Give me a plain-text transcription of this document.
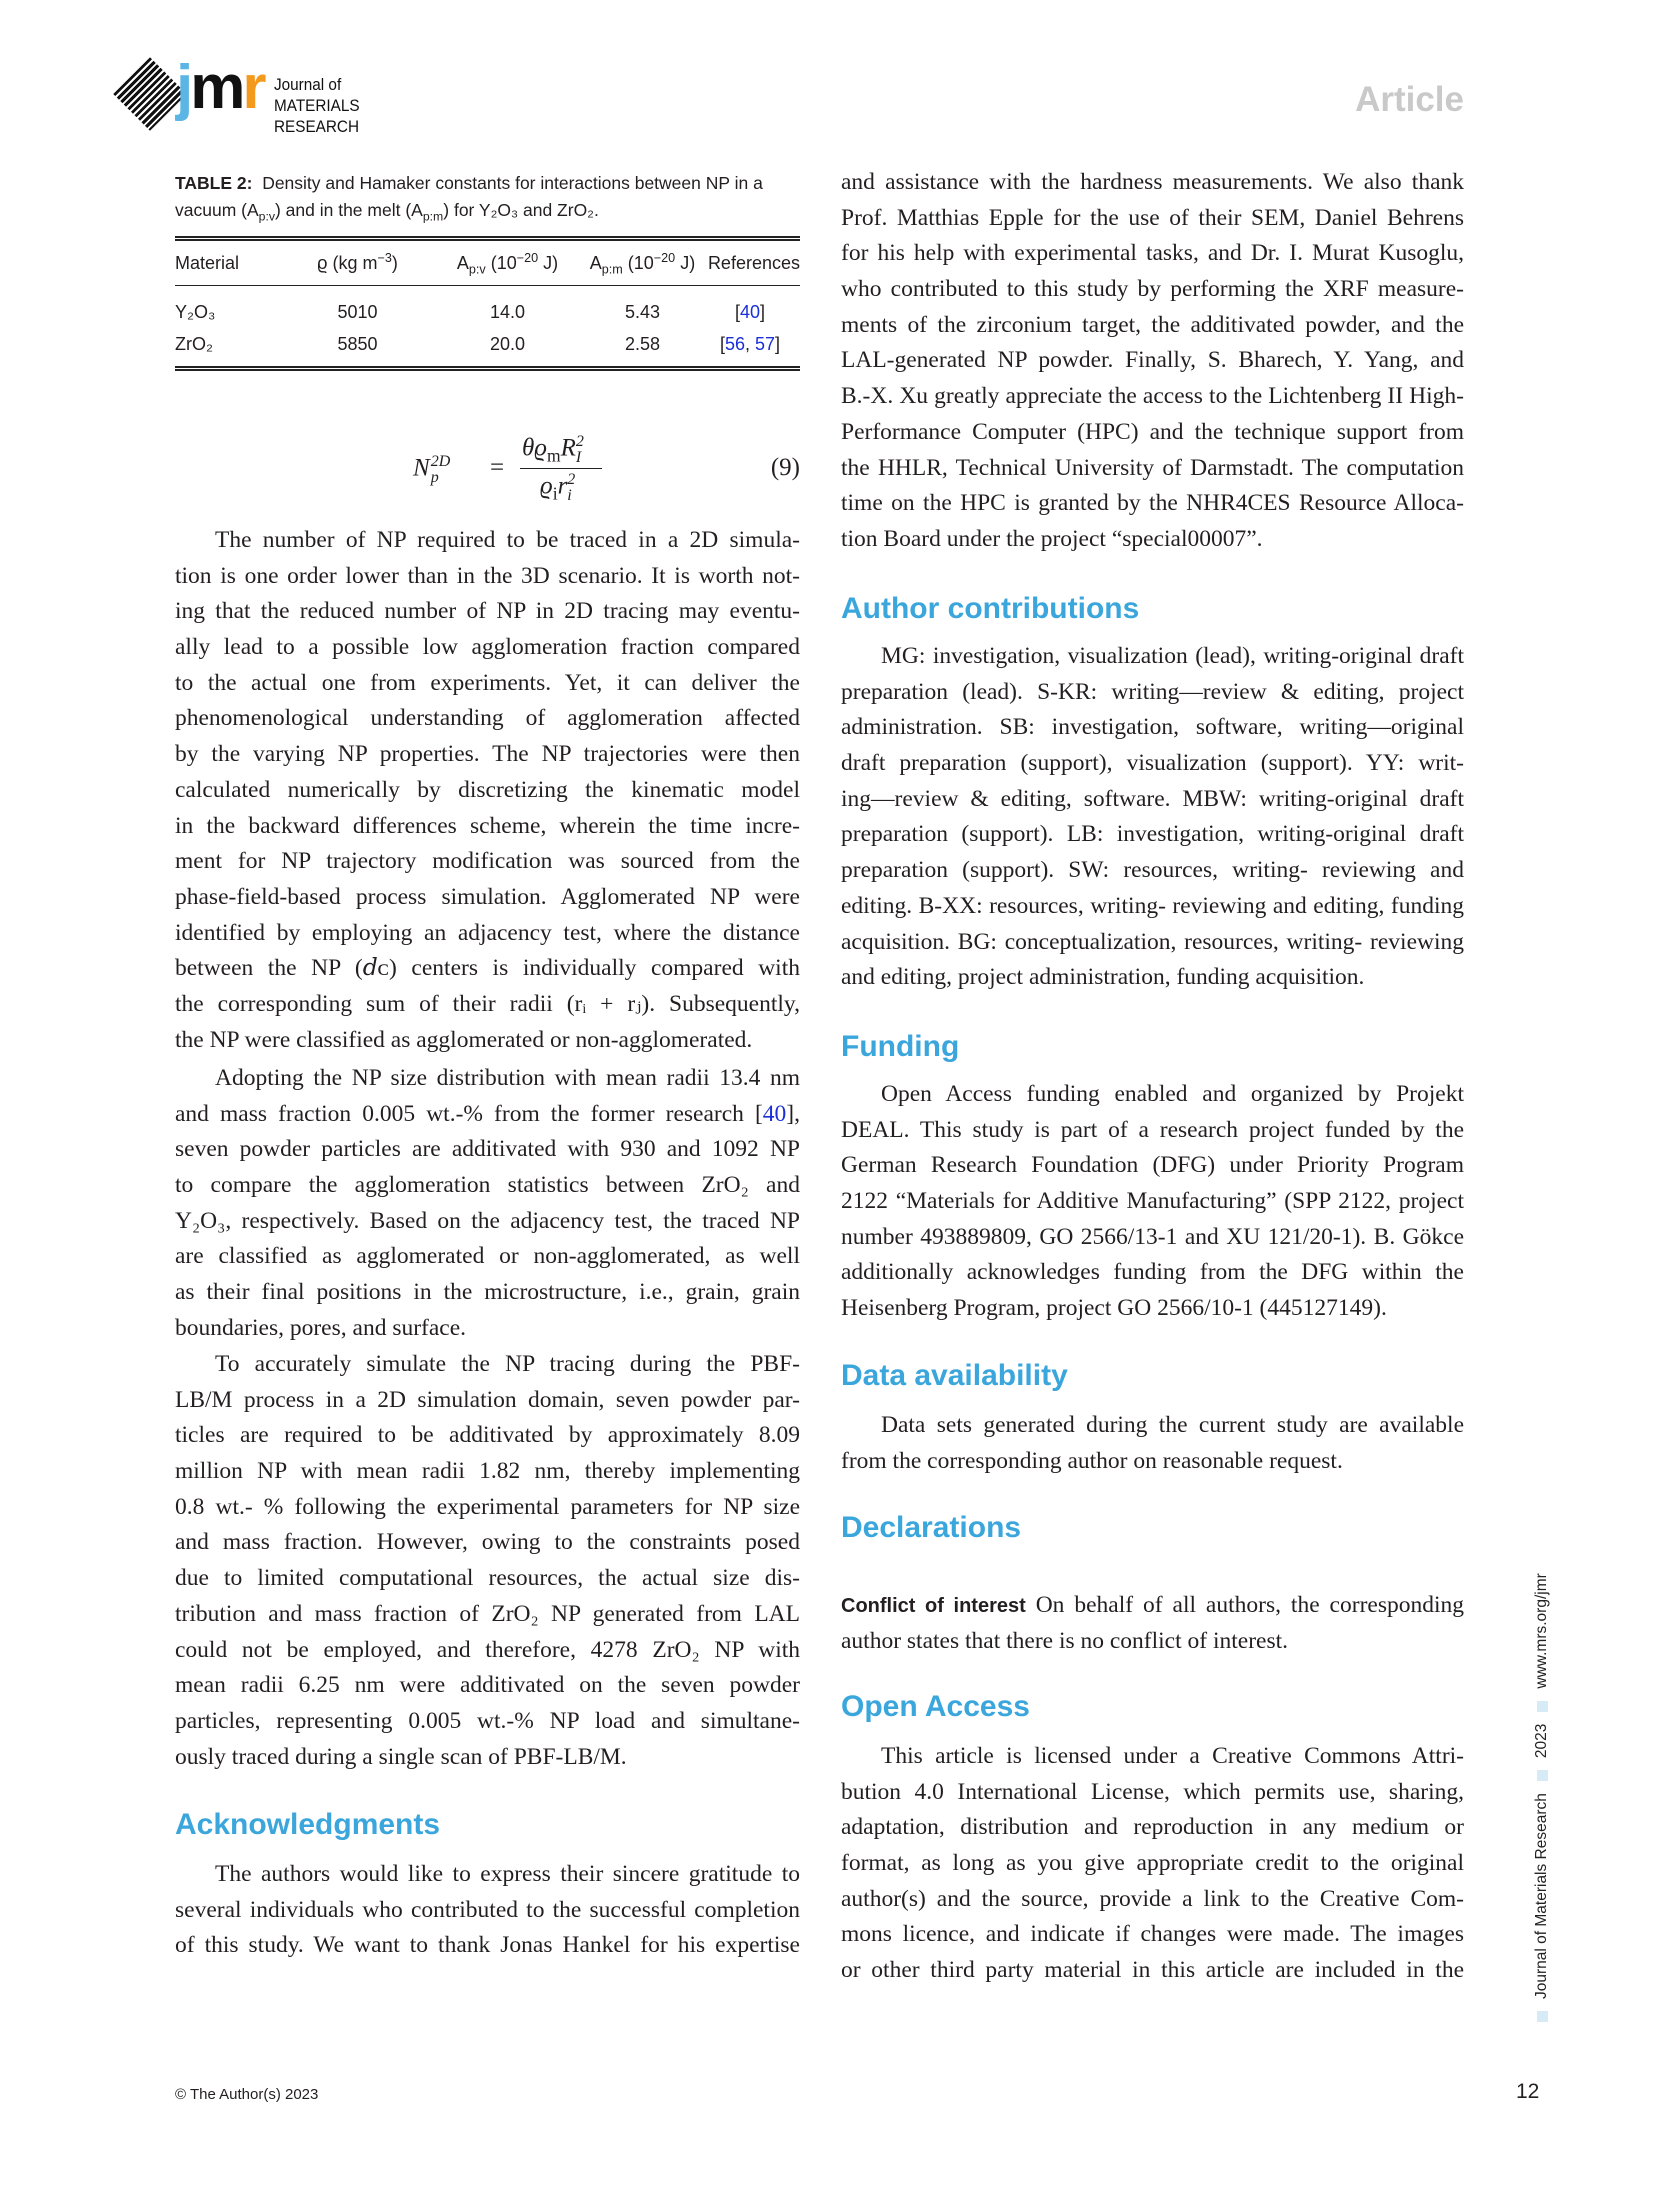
jmr Journal of
MATERIALS RESEARCH
Article
TABLE 2: Density and Hamaker constants for interactions between NP in a vacuum $(A_{p:v})$ and in the melt $(A_{p:m})$ for Y₂O₃ and ZrO₂.
Material	ϱ (kg $m^{-3}$)	$A_{p:v}$ ($10^{-20}$ J)	$A_{p:m}$ ($10^{-20}$ J)	References
Y₂O₃	5010	14.0	5.43	[40]
ZrO₂	5850	20.0	2.58	[56, 57]
N 2D
p	=
$\theta ϱ_mR$ 2
I
$ϱ_ir$ 2
i
(9)
The number of NP required to be traced in a 2D simula-
tion is one order lower than in the 3D scenario. It is worth not-
ing that the reduced number of NP in 2D tracing may eventu-
ally lead to a possible low agglomeration fraction compared
to the actual one from experiments. Yet, it can deliver the
phenomenological understanding of agglomeration affected
by the varying NP properties. The NP trajectories were then
calculated numerically by discretizing the kinematic model
in the backward differences scheme, wherein the time incre-
ment for NP trajectory modification was sourced from the
phase-field-based process simulation. Agglomerated NP were
identified by employing an adjacency test, where the distance
between the NP (𝑑ᴄ) centers is individually compared with
the corresponding sum of their radii (rᵢ + rⱼ). Subsequently,
the NP were classified as agglomerated or non-agglomerated.
Adopting the NP size distribution with mean radii 13.4 nm
and mass fraction 0.005 wt.-% from the former research [40],
seven powder particles are additivated with 930 and 1092 NP
to compare the agglomeration statistics between ZrO₂ and
Y₂O₃, respectively. Based on the adjacency test, the traced NP
are classified as agglomerated or non-agglomerated, as well
as their final positions in the microstructure, i.e., grain, grain
boundaries, pores, and surface.
To accurately simulate the NP tracing during the PBF-
LB/M process in a 2D simulation domain, seven powder par-
ticles are required to be additivated by approximately 8.09
million NP with mean radii 1.82 nm, thereby implementing
0.8 wt.- % following the experimental parameters for NP size
and mass fraction. However, owing to the constraints posed
due to limited computational resources, the actual size dis-
tribution and mass fraction of ZrO₂ NP generated from LAL
could not be employed, and therefore, 4278 ZrO₂ NP with
mean radii 6.25 nm were additivated on the seven powder
particles, representing 0.005 wt.-% NP load and simultane-
ously traced during a single scan of PBF-LB/M.
Acknowledgments
The authors would like to express their sincere gratitude to
several individuals who contributed to the successful completion
of this study. We want to thank Jonas Hankel for his expertise
and assistance with the hardness measurements. We also thank
Prof. Matthias Epple for the use of their SEM, Daniel Behrens
for his help with experimental tasks, and Dr. I. Murat Kusoglu,
who contributed to this study by performing the XRF measure-
ments of the zirconium target, the additivated powder, and the
LAL-generated NP powder. Finally, S. Bharech, Y. Yang, and
B.-X. Xu greatly appreciate the access to the Lichtenberg II High-
Performance Computer (HPC) and the technique support from
the HHLR, Technical University of Darmstadt. The computation
time on the HPC is granted by the NHR4CES Resource Alloca-
tion Board under the project “special00007”.
Author contributions
MG: investigation, visualization (lead), writing-original draft
preparation (lead). S-KR: writing—review & editing, project
administration. SB: investigation, software, writing—original
draft preparation (support), visualization (support). YY: writ-
ing—review & editing, software. MBW: writing-original draft
preparation (support). LB: investigation, writing-original draft
preparation (support). SW: resources, writing- reviewing and
editing. B-XX: resources, writing- reviewing and editing, funding
acquisition. BG: conceptualization, resources, writing- reviewing
and editing, project administration, funding acquisition.
Funding
Open Access funding enabled and organized by Projekt
DEAL. This study is part of a research project funded by the
German Research Foundation (DFG) under Priority Program
2122 “Materials for Additive Manufacturing” (SPP 2122, project
number 493889809, GO 2566/13-1 and XU 121/20-1). B. Gökce
additionally acknowledges funding from the DFG within the
Heisenberg Program, project GO 2566/10-1 (445127149).
Data availability
Data sets generated during the current study are available
from the corresponding author on reasonable request.
Declarations
Conflict of interest On behalf of all authors, the corresponding
author states that there is no conflict of interest.
Open Access
This article is licensed under a Creative Commons Attri-
bution 4.0 International License, which permits use, sharing,
adaptation, distribution and reproduction in any medium or
format, as long as you give appropriate credit to the original
author(s) and the source, provide a link to the Creative Com-
mons licence, and indicate if changes were made. The images
or other third party material in this article are included in the
© The Author(s) 2023	12
Journal of Materials Research
2023
www.mrs.org/jmr
